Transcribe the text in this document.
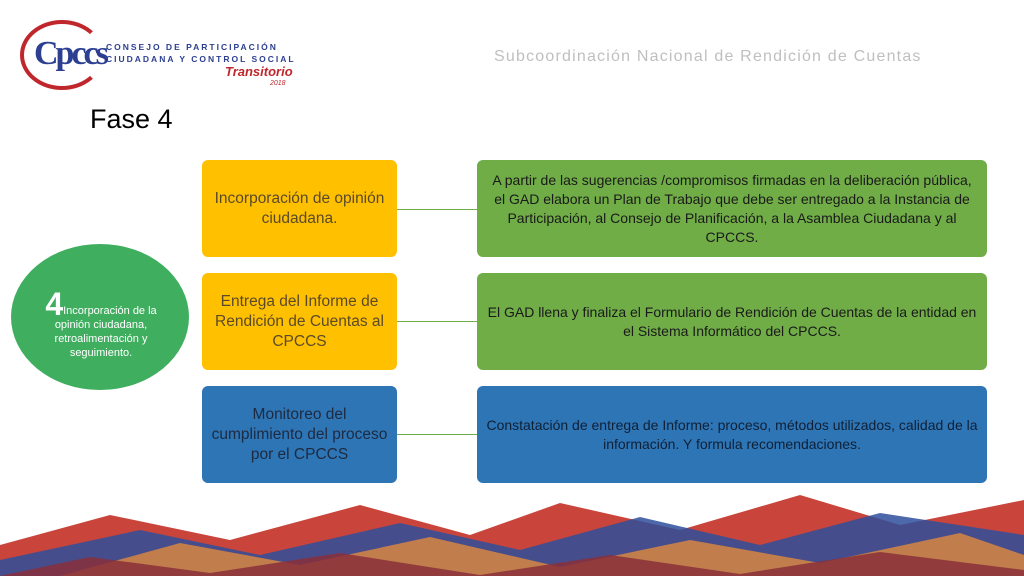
Cpccs CONSEJO DE PARTICIPACIÓN
CIUDADANA Y CONTROL SOCIAL
Transitorio
2018
Subcoordinación Nacional de Rendición de Cuentas
Fase 4
4Incorporación de la opinión ciudadana, retroalimentación y seguimiento.
Incorporación de opinión ciudadana.
Entrega del Informe de Rendición de Cuentas al CPCCS
Monitoreo del cumplimiento del proceso por el CPCCS
A partir de las sugerencias /compromisos firmadas en la deliberación pública, el GAD elabora un Plan de Trabajo que debe ser entregado a la Instancia de Participación, al Consejo de Planificación, a la Asamblea Ciudadana y al CPCCS.
El GAD llena y finaliza el Formulario de Rendición de Cuentas de la entidad en el Sistema Informático del CPCCS.
Constatación de entrega de Informe: proceso, métodos utilizados, calidad de la información. Y formula recomendaciones.
